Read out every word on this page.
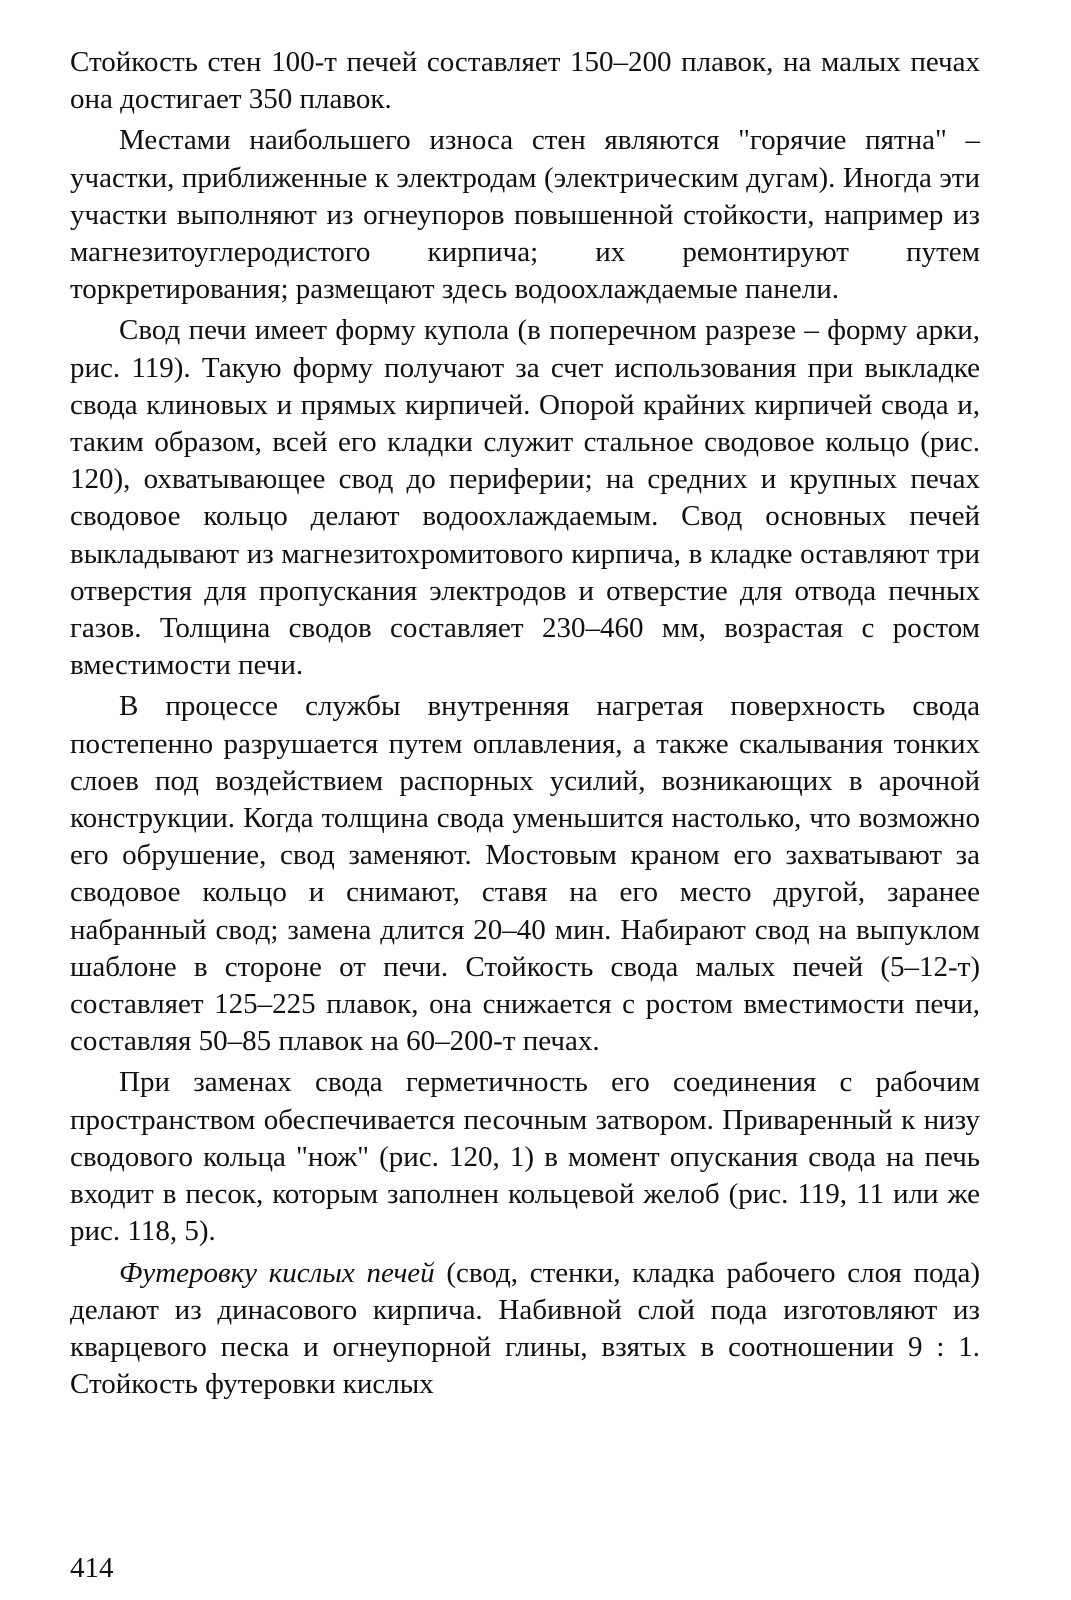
Стойкость стен 100-т печей составляет 150–200 плавок, на малых печах она достигает 350 плавок.

Местами наибольшего износа стен являются "горячие пятна" – участки, приближенные к электродам (электрическим дугам). Иногда эти участки выполняют из огнеупоров повышенной стойкости, например из магнезитоуглеродистого кирпича; их ремонтируют путем торкретирования; размещают здесь водоохлаждаемые панели.

Свод печи имеет форму купола (в поперечном разрезе – форму арки, рис. 119). Такую форму получают за счет использования при выкладке свода клиновых и прямых кирпичей. Опорой крайних кирпичей свода и, таким образом, всей его кладки служит стальное сводовое кольцо (рис. 120), охватывающее свод до периферии; на средних и крупных печах сводовое кольцо делают водоохлаждаемым. Свод основных печей выкладывают из магнезитохромитового кирпича, в кладке оставляют три отверстия для пропускания электродов и отверстие для отвода печных газов. Толщина сводов составляет 230–460 мм, возрастая с ростом вместимости печи.

В процессе службы внутренняя нагретая поверхность свода постепенно разрушается путем оплавления, а также скалывания тонких слоев под воздействием распорных усилий, возникающих в арочной конструкции. Когда толщина свода уменьшится настолько, что возможно его обрушение, свод заменяют. Мостовым краном его захватывают за сводовое кольцо и снимают, ставя на его место другой, заранее набранный свод; замена длится 20–40 мин. Набирают свод на выпуклом шаблоне в стороне от печи. Стойкость свода малых печей (5–12-т) составляет 125–225 плавок, она снижается с ростом вместимости печи, составляя 50–85 плавок на 60–200-т печах.

При заменах свода герметичность его соединения с рабочим пространством обеспечивается песочным затвором. Приваренный к низу сводового кольца "нож" (рис. 120, 1) в момент опускания свода на печь входит в песок, которым заполнен кольцевой желоб (рис. 119, 11 или же рис. 118, 5).

Футеровку кислых печей (свод, стенки, кладка рабочего слоя пода) делают из динасового кирпича. Набивной слой пода изготовляют из кварцевого песка и огнеупорной глины, взятых в соотношении 9 : 1. Стойкость футеровки кислых

414
